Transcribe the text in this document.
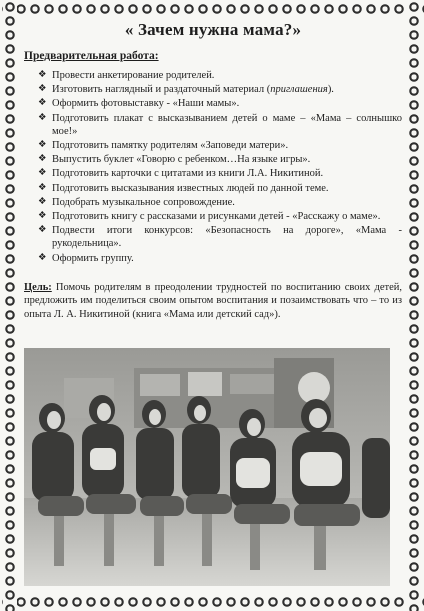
« Зачем нужна мама?»
Предварительная работа:
❖ Провести анкетирование родителей.
❖ Изготовить наглядный и раздаточный материал (приглашения).
❖ Оформить фотовыставку - «Наши мамы».
❖ Подготовить плакат с высказыванием детей о маме – «Мама – солнышко мое!»
❖ Подготовить памятку родителям «Заповеди матери».
❖ Выпустить буклет «Говорю с ребенком…На языке игры».
❖ Подготовить карточки с цитатами из книги Л.А. Никитиной.
❖ Подготовить высказывания известных людей по данной теме.
❖ Подобрать музыкальное сопровождение.
❖ Подготовить книгу с рассказами и рисунками детей - «Расскажу о маме».
❖ Подвести итоги конкурсов: «Безопасность на дороге», «Мама - рукодельница».
❖ Оформить группу.
Цель: Помочь родителям в преодолении трудностей по воспитанию своих детей, предложить им поделиться своим опытом воспитания и позаимствовать что – то из опыта Л. А. Никитиной (книга «Мама или детский сад»).
